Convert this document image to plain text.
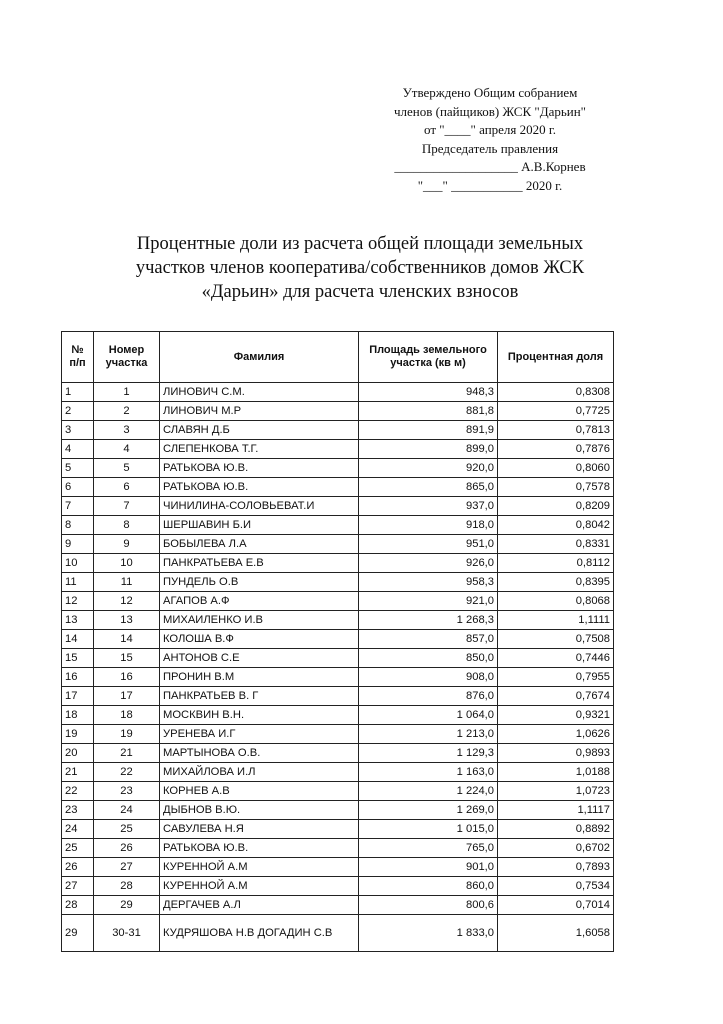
Утверждено Общим собранием
членов (пайщиков) ЖСК "Дарьин"
от "____" апреля 2020 г.
Председатель правления
___________________ А.В.Корнев
"___" ___________ 2020 г.
Процентные доли из расчета общей площади земельных
участков членов кооператива/собственников домов ЖСК
«Дарьин» для расчета членских взносов
№ п/п	Номер участка	Фамилия	Площадь земельного участка (кв м)	Процентная доля
1	1	ЛИНОВИЧ С.М.	948,3	0,8308
2	2	ЛИНОВИЧ М.Р	881,8	0,7725
3	3	СЛАВЯН Д.Б	891,9	0,7813
4	4	СЛЕПЕНКОВА Т.Г.	899,0	0,7876
5	5	РАТЬКОВА Ю.В.	920,0	0,8060
6	6	РАТЬКОВА Ю.В.	865,0	0,7578
7	7	ЧИНИЛИНА-СОЛОВЬЕВАТ.И	937,0	0,8209
8	8	ШЕРШАВИН Б.И	918,0	0,8042
9	9	БОБЫЛЕВА Л.А	951,0	0,8331
10	10	ПАНКРАТЬЕВА Е.В	926,0	0,8112
11	11	ПУНДЕЛЬ О.В	958,3	0,8395
12	12	АГАПОВ А.Ф	921,0	0,8068
13	13	МИХАИЛЕНКО И.В	1 268,3	1,1111
14	14	КОЛОША В.Ф	857,0	0,7508
15	15	АНТОНОВ С.Е	850,0	0,7446
16	16	ПРОНИН В.М	908,0	0,7955
17	17	ПАНКРАТЬЕВ В. Г	876,0	0,7674
18	18	МОСКВИН В.Н.	1 064,0	0,9321
19	19	УРЕНЕВА И.Г	1 213,0	1,0626
20	21	МАРТЫНОВА О.В.	1 129,3	0,9893
21	22	МИХАЙЛОВА И.Л	1 163,0	1,0188
22	23	КОРНЕВ А.В	1 224,0	1,0723
23	24	ДЫБНОВ В.Ю.	1 269,0	1,1117
24	25	САВУЛЕВА Н.Я	1 015,0	0,8892
25	26	РАТЬКОВА Ю.В.	765,0	0,6702
26	27	КУРЕННОЙ А.М	901,0	0,7893
27	28	КУРЕННОЙ А.М	860,0	0,7534
28	29	ДЕРГАЧЕВ А.Л	800,6	0,7014
29	30-31	КУДРЯШОВА Н.В ДОГАДИН С.В	1 833,0	1,6058
